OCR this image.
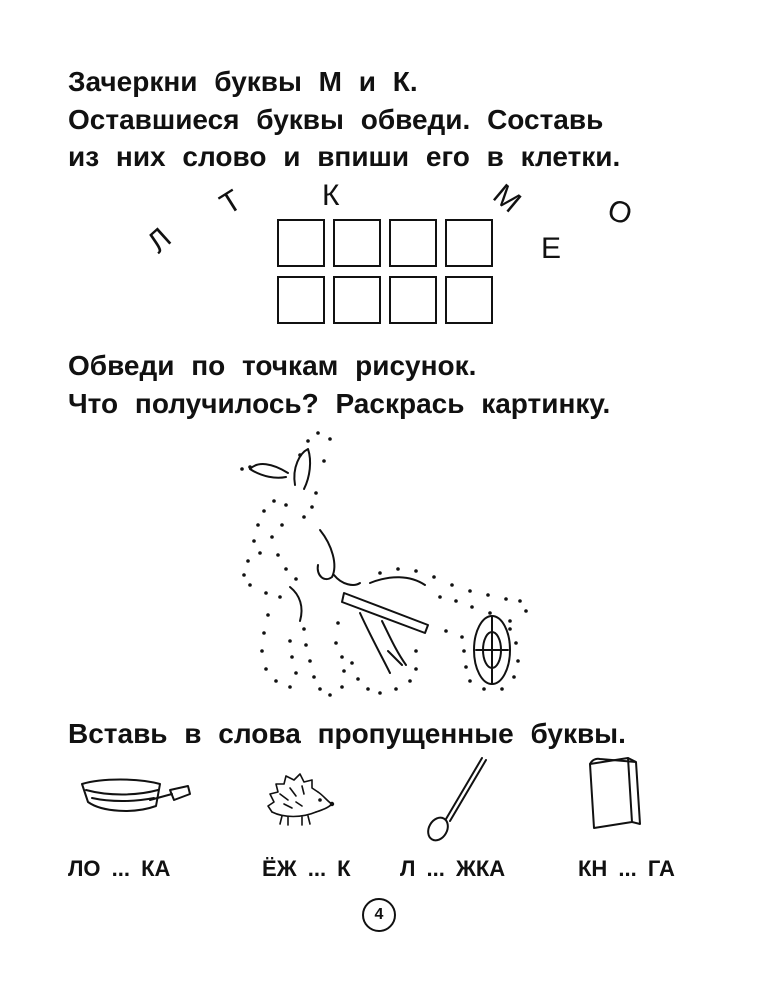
Зачеркни буквы М и К.
Оставшиеся буквы обведи. Составь
из них слово и впиши его в клетки.
Л
Т К	М	О
Е
Обведи по точкам рисунок.
Что получилось? Раскрась картинку.
Вставь в слова пропущенные буквы.
ЛО ... КА	ЁЖ ... К Л ... ЖКА	КН ... ГА
4
